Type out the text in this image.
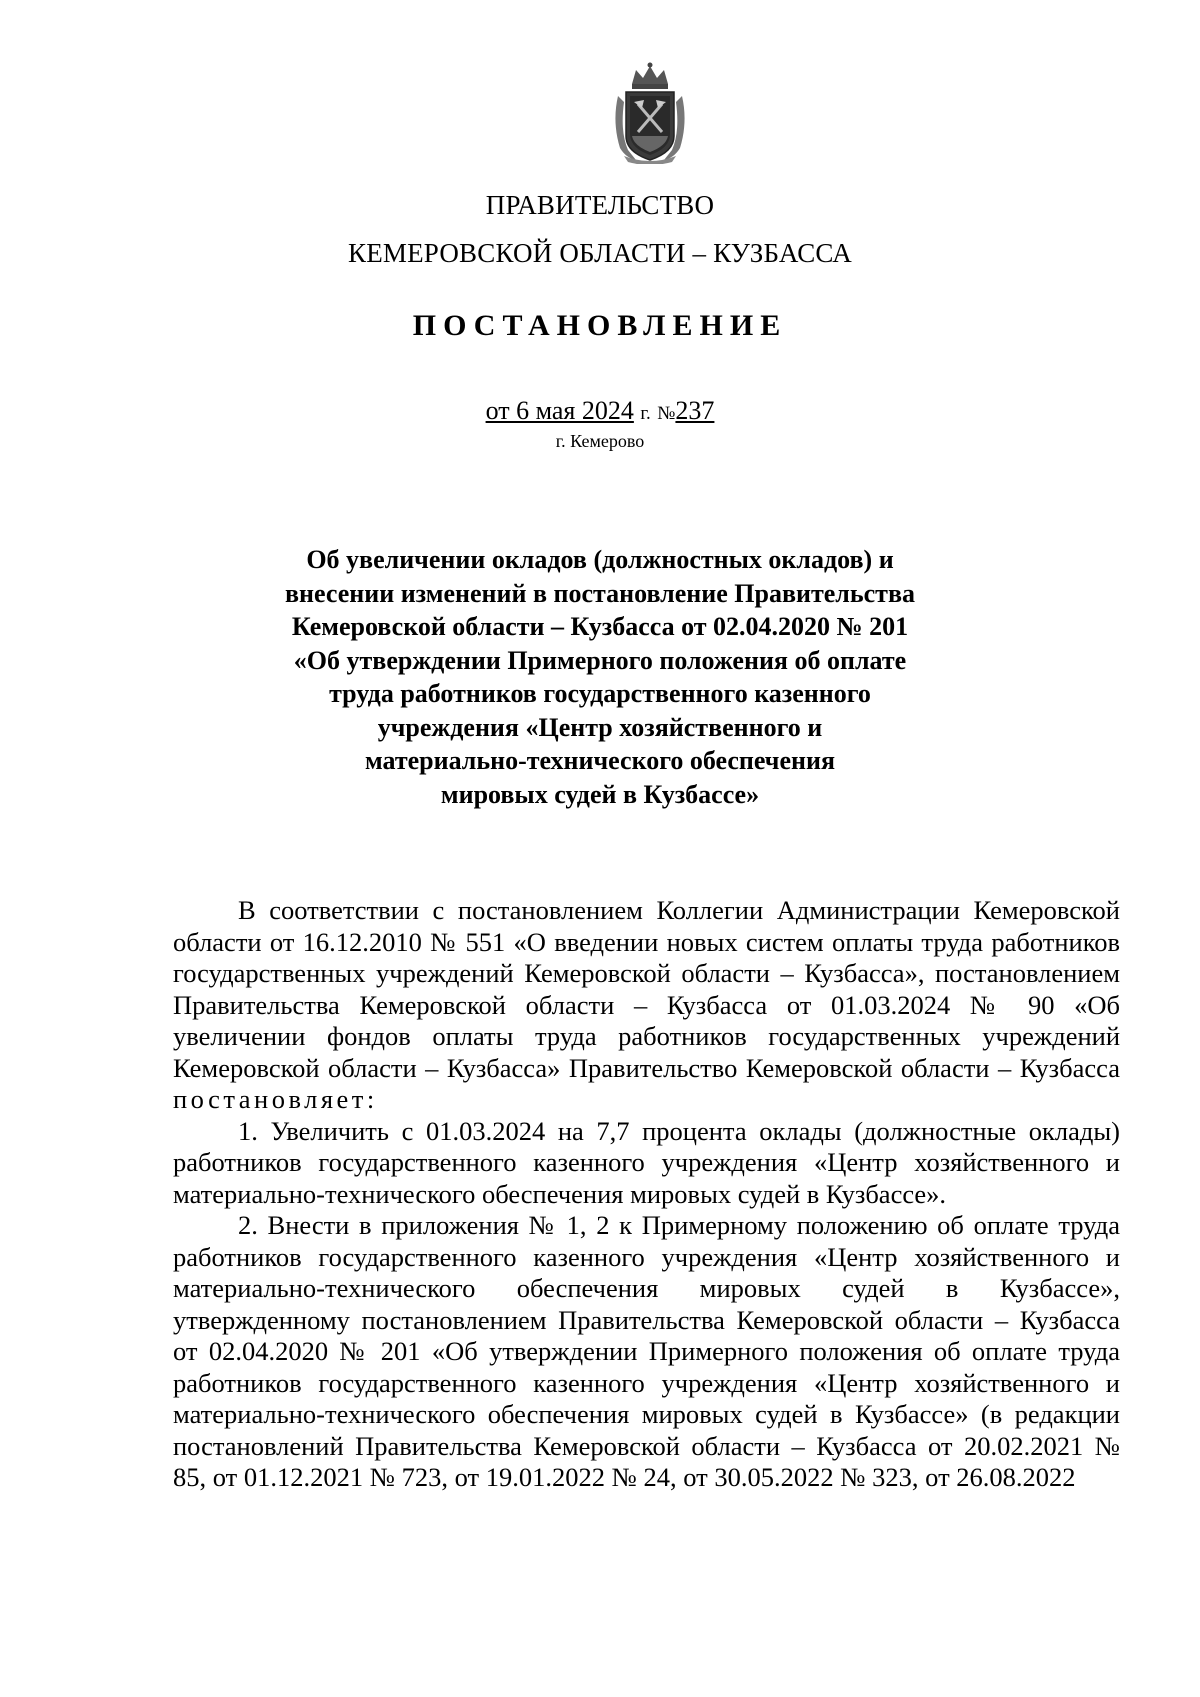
ПРАВИТЕЛЬСТВО
КЕМЕРОВСКОЙ ОБЛАСТИ – КУЗБАССА
ПОСТАНОВЛЕНИЕ
от 6 мая 2024 г. №237
г. Кемерово
Об увеличении окладов (должностных окладов) и
внесении изменений в постановление Правительства
Кемеровской области – Кузбасса от 02.04.2020 № 201
«Об утверждении Примерного положения об оплате
труда работников государственного казенного
учреждения «Центр хозяйственного и
материально-технического обеспечения
мировых судей в Кузбассе»

В соответствии с постановлением Коллегии Администрации Кемеровской области от 16.12.2010 № 551 «О введении новых систем оплаты труда работников государственных учреждений Кемеровской области – Кузбасса», постановлением Правительства Кемеровской области – Кузбасса от 01.03.2024 № 90 «Об увеличении фондов оплаты труда работников государственных учреждений Кемеровской области – Кузбасса» Правительство Кемеровской области – Кузбасса постановляет:

1. Увеличить с 01.03.2024 на 7,7 процента оклады (должностные оклады) работников государственного казенного учреждения «Центр хозяйственного и материально-технического обеспечения мировых судей в Кузбассе».

2. Внести в приложения № 1, 2 к Примерному положению об оплате труда работников государственного казенного учреждения «Центр хозяйственного и материально-технического обеспечения мировых судей в Кузбассе», утвержденному постановлением Правительства Кемеровской области – Кузбасса от 02.04.2020 № 201 «Об утверждении Примерного положения об оплате труда работников государственного казенного учреждения «Центр хозяйственного и материально-технического обеспечения мировых судей в Кузбассе» (в редакции постановлений Правительства Кемеровской области – Кузбасса от 20.02.2021 № 85, от 01.12.2021 № 723, от 19.01.2022 № 24, от 30.05.2022 № 323, от 26.08.2022
